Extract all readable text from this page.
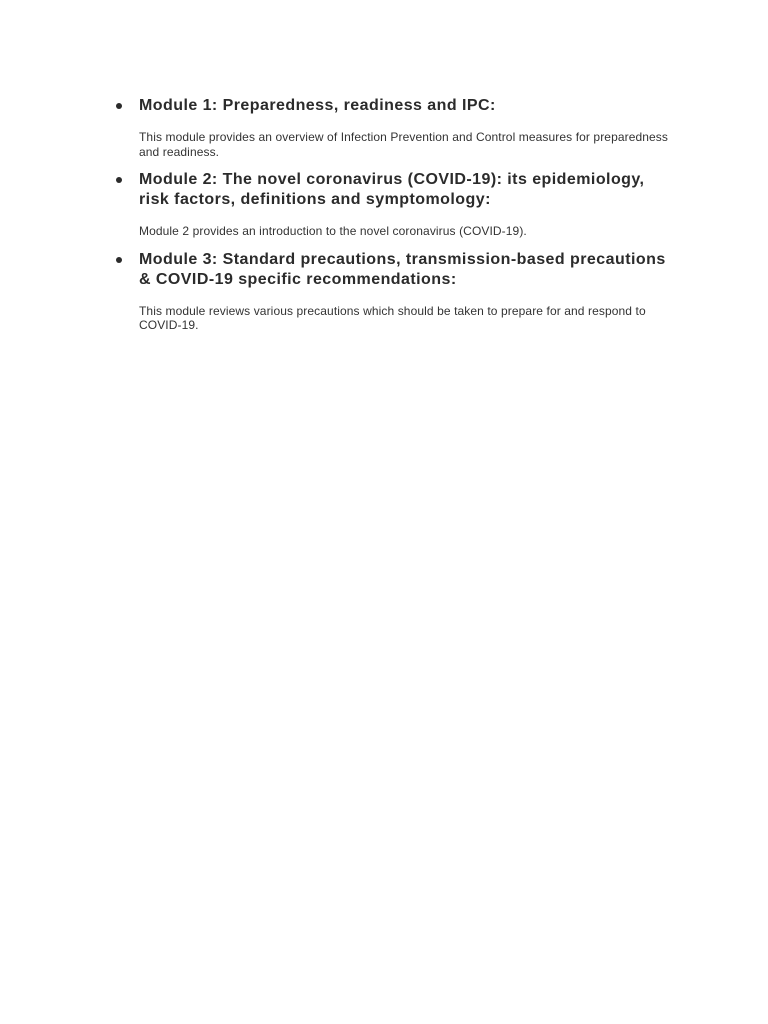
Module 1: Preparedness, readiness and IPC:

This module provides an overview of Infection Prevention and Control measures for preparedness and readiness.

Module 2: The novel coronavirus (COVID-19): its epidemiology, risk factors, definitions and symptomology:

Module 2 provides an introduction to the novel coronavirus (COVID-19).

Module 3: Standard precautions, transmission-based precautions & COVID-19 specific recommendations:

This module reviews various precautions which should be taken to prepare for and respond to COVID-19.
